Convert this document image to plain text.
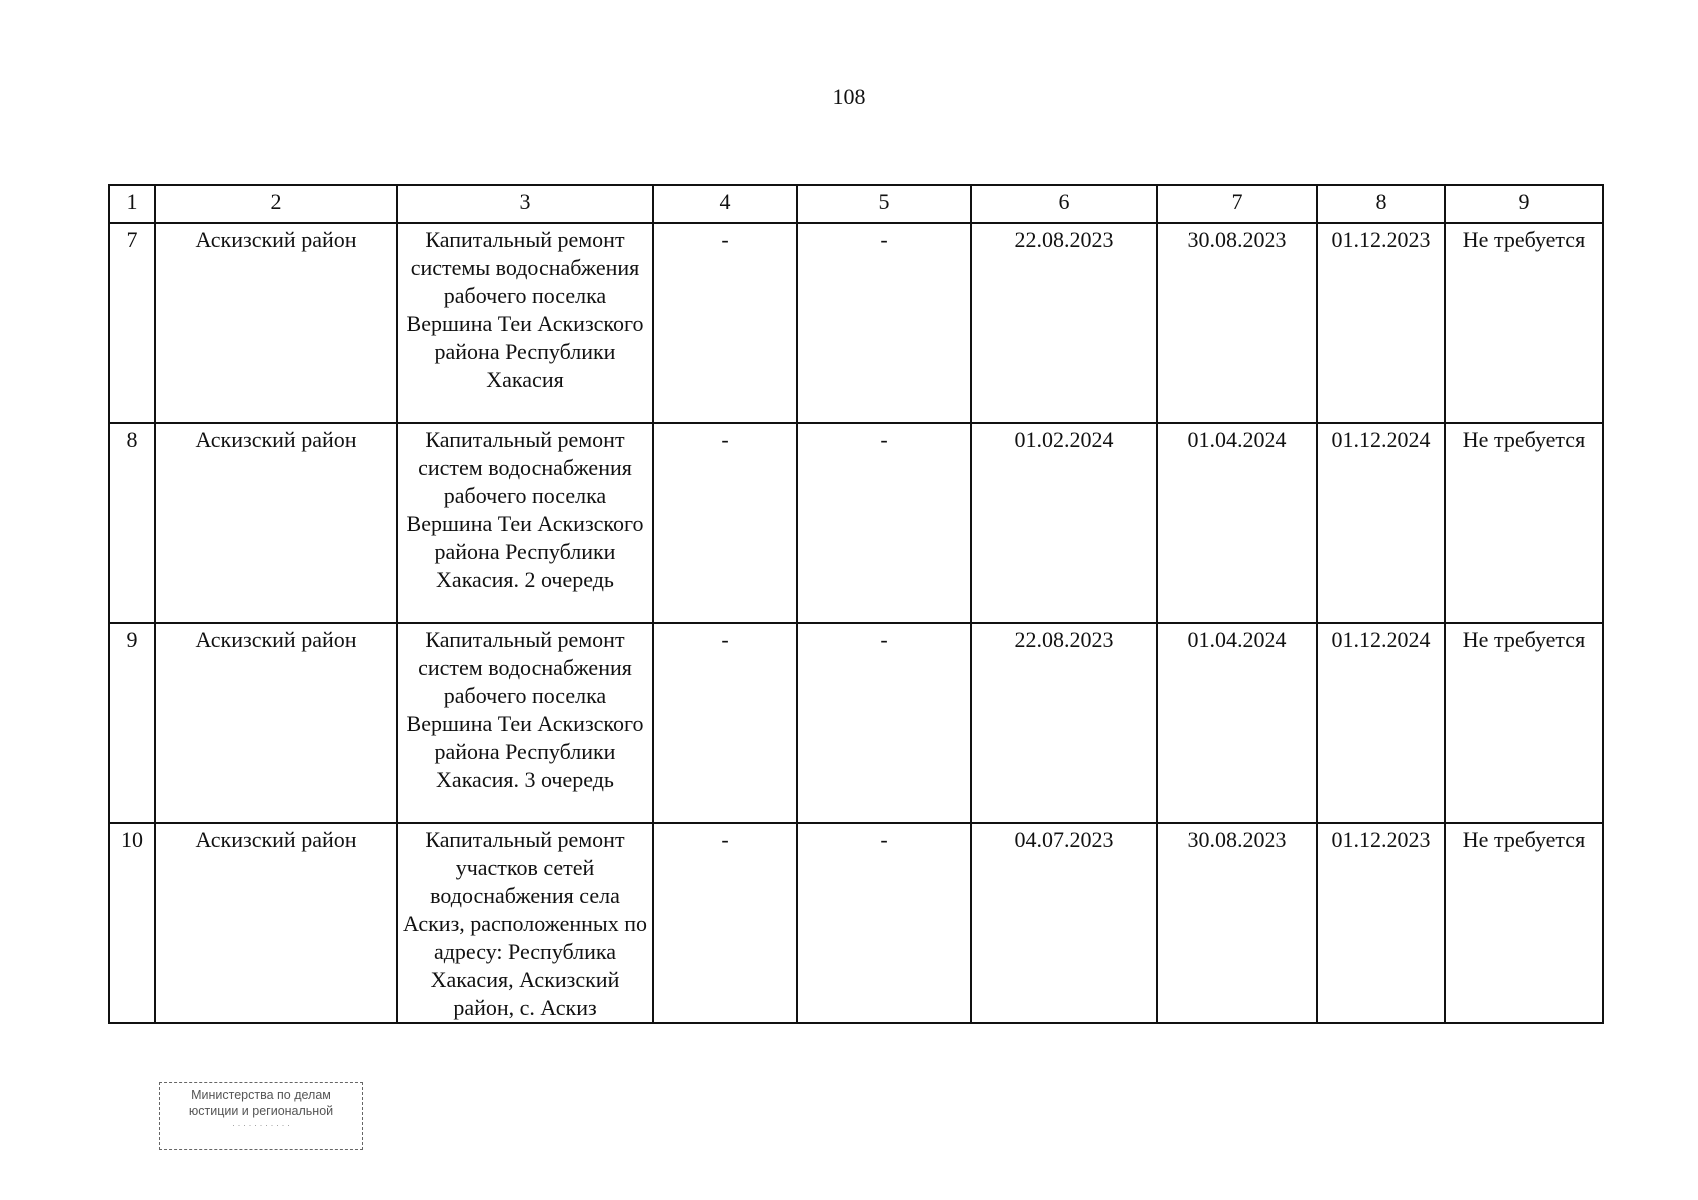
108
1	2	3	4	5	6	7	8	9
7	Аскизский район	Капитальный ремонт системы водоснабжения рабочего поселка Вершина Теи Аскизского района Республики Хакасия	-	-	22.08.2023	30.08.2023	01.12.2023	Не требуется
8	Аскизский район	Капитальный ремонт систем водоснабжения рабочего поселка Вершина Теи Аскизского района Республики Хакасия. 2 очередь	-	-	01.02.2024	01.04.2024	01.12.2024	Не требуется
9	Аскизский район	Капитальный ремонт систем водоснабжения рабочего поселка Вершина Теи Аскизского района Республики Хакасия. 3 очередь	-	-	22.08.2023	01.04.2024	01.12.2024	Не требуется
10	Аскизский район	Капитальный ремонт участков сетей водоснабжения села Аскиз, расположенных по адресу: Республика Хакасия, Аскизский район, с. Аскиз	-	-	04.07.2023	30.08.2023	01.12.2023	Не требуется
Министерства по делам
юстиции и региональной
· · · · · · · · · · ·
